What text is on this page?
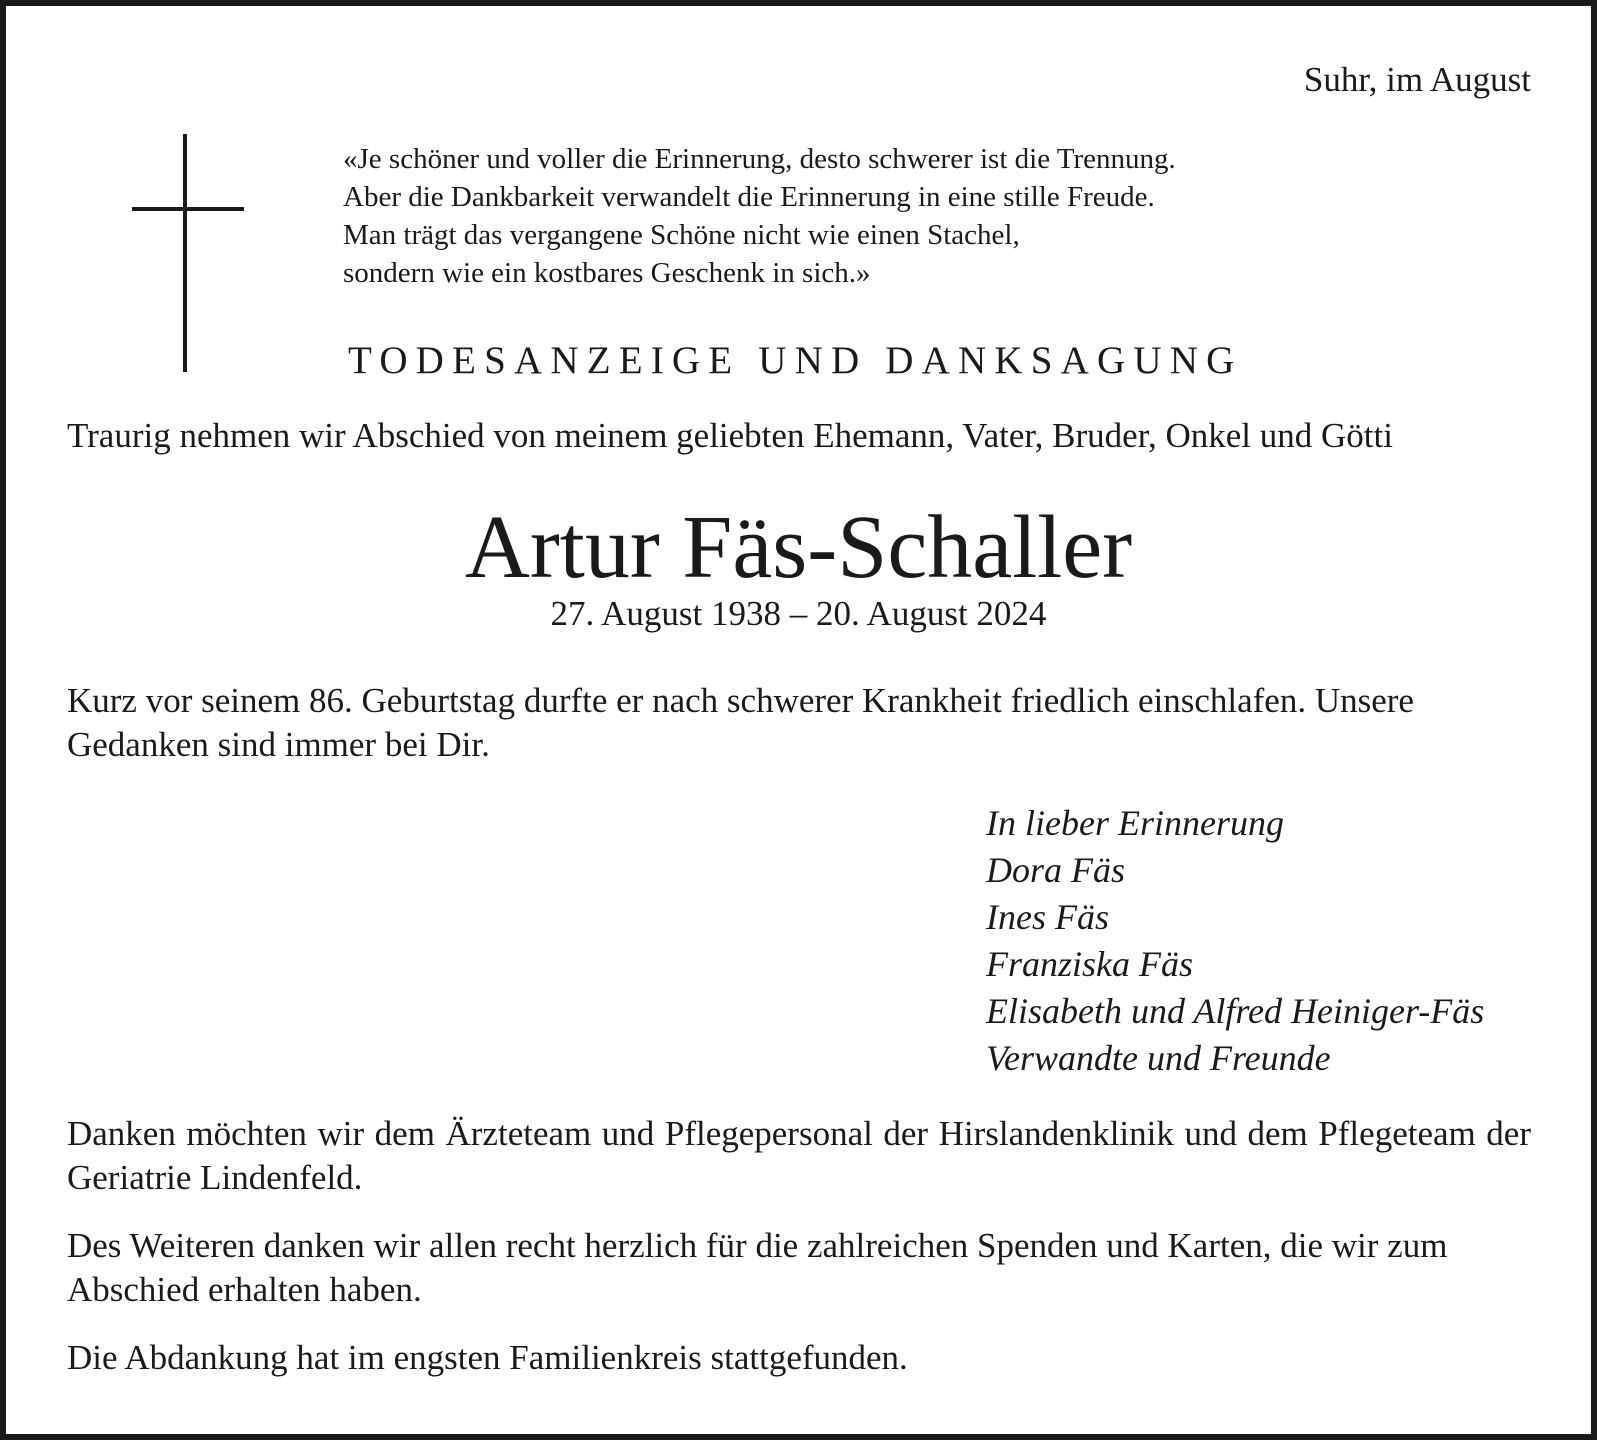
Suhr, im August

«Je schöner und voller die Erinnerung, desto schwerer ist die Trennung.
Aber die Dankbarkeit verwandelt die Erinnerung in eine stille Freude.
Man trägt das vergangene Schöne nicht wie einen Stachel,
sondern wie ein kostbares Geschenk in sich.»

TODESANZEIGE UND DANKSAGUNG

Traurig nehmen wir Abschied von meinem geliebten Ehemann, Vater, Bruder, Onkel und Götti

Artur Fäs-Schaller

27. August 1938 – 20. August 2024

Kurz vor seinem 86. Geburtstag durfte er nach schwerer Krankheit friedlich einschlafen. Unsere Gedanken sind immer bei Dir.

In lieber Erinnerung
Dora Fäs
Ines Fäs
Franziska Fäs
Elisabeth und Alfred Heiniger-Fäs
Verwandte und Freunde

Danken möchten wir dem Ärzteteam und Pflegepersonal der Hirslandenklinik und dem Pflegeteam der Geriatrie Lindenfeld.

Des Weiteren danken wir allen recht herzlich für die zahlreichen Spenden und Karten, die wir zum Abschied erhalten haben.

Die Abdankung hat im engsten Familienkreis stattgefunden.
